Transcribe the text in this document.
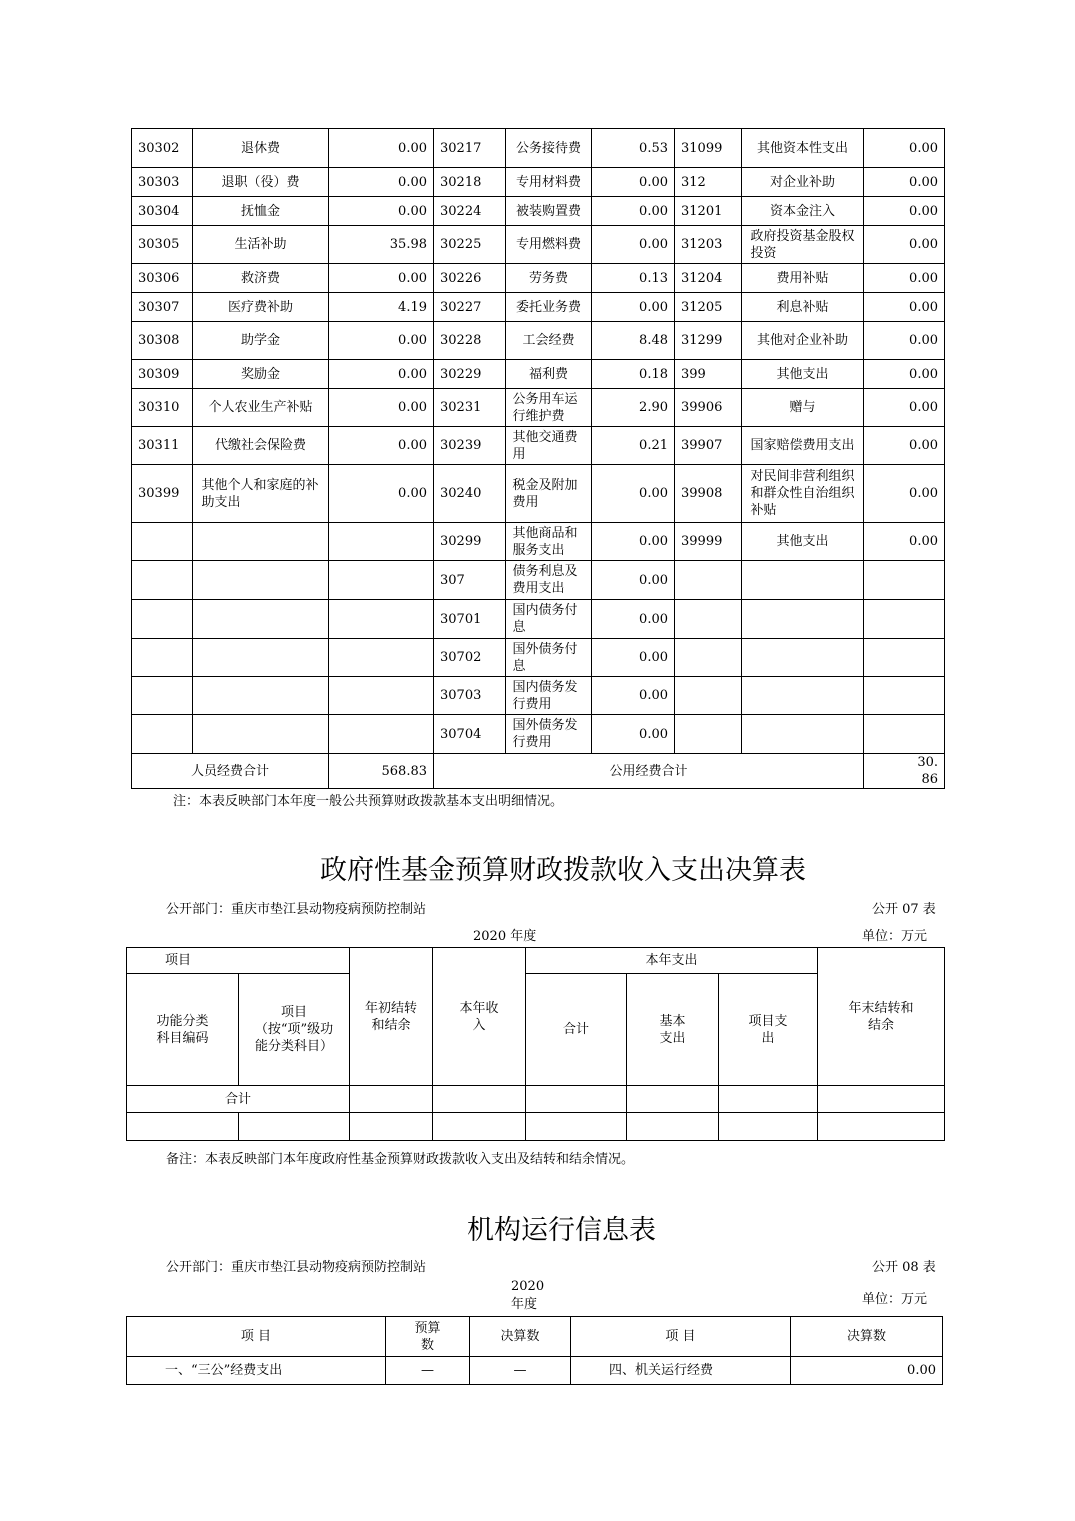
30302	退休费	0.00	30217	公务接待费	0.53	31099	其他资本性支出	0.00
30303	退职（役）费	0.00	30218	专用材料费	0.00	312	对企业补助	0.00
30304	抚恤金	0.00	30224	被装购置费	0.00	31201	资本金注入	0.00
30305	生活补助	35.98	30225	专用燃料费	0.00	31203	政府投资基金股权投资	0.00
30306	救济费	0.00	30226	劳务费	0.13	31204	费用补贴	0.00
30307	医疗费补助	4.19	30227	委托业务费	0.00	31205	利息补贴	0.00
30308	助学金	0.00	30228	工会经费	8.48	31299	其他对企业补助	0.00
30309	奖励金	0.00	30229	福利费	0.18	399	其他支出	0.00
30310	个人农业生产补贴	0.00	30231	公务用车运行维护费	2.90	39906	赠与	0.00
30311	代缴社会保险费	0.00	30239	其他交通费用	0.21	39907	国家赔偿费用支出	0.00
30399	其他个人和家庭的补助支出	0.00	30240	税金及附加费用	0.00	39908	对民间非营利组织和群众性自治组织补贴	0.00
			30299	其他商品和服务支出	0.00	39999	其他支出	0.00
			307	债务利息及费用支出	0.00			
			30701	国内债务付息	0.00			
			30702	国外债务付息	0.00			
			30703	国内债务发行费用	0.00			
			30704	国外债务发行费用	0.00			
人员经费合计		568.83	公用经费合计					30.86
注：本表反映部门本年度一般公共预算财政拨款基本支出明细情况。
政府性基金预算财政拨款收入支出决算表
公开部门：重庆市垫江县动物疫病预防控制站	公开 07 表
2020 年度	单位：万元
项目		年初结转和结余	本年收入	本年支出			年末结转和结余
功能分类科目编码	项目（按“项”级功能分类科目）			合计	基本支出	项目支出	
合计							

备注：本表反映部门本年度政府性基金预算财政拨款收入支出及结转和结余情况。
机构运行信息表
公开部门：重庆市垫江县动物疫病预防控制站	公开 08 表
2020 年度	单位：万元
项 目	预算数	决算数	项 目	决算数
一、“三公”经费支出	—	—	四、机关运行经费	0.00
